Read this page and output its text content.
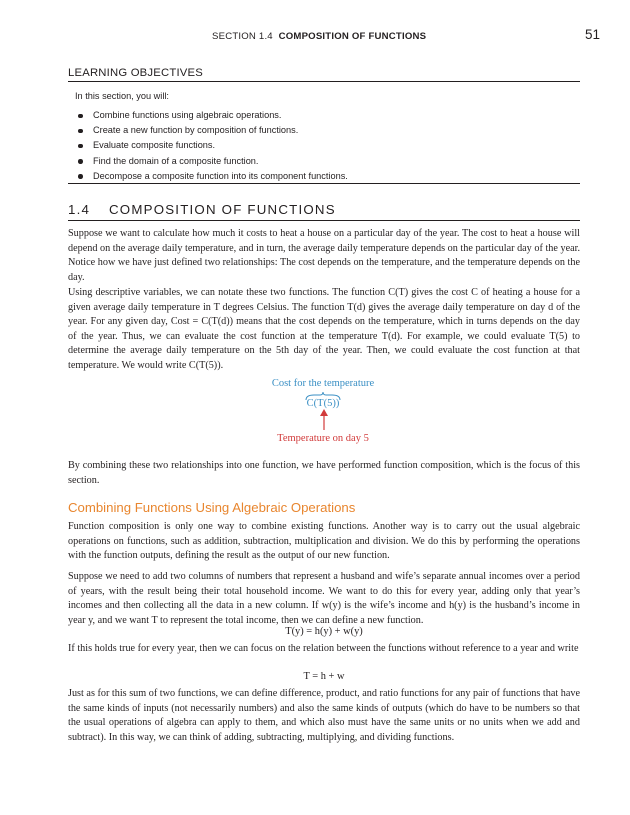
SECTION 1.4 COMPOSITION OF FUNCTIONS	51
LEARNING OBJECTIVES
In this section, you will:
Combine functions using algebraic operations.
Create a new function by composition of functions.
Evaluate composite functions.
Find the domain of a composite function.
Decompose a composite function into its component functions.
1.4 COMPOSITION OF FUNCTIONS

Suppose we want to calculate how much it costs to heat a house on a particular day of the year. The cost to heat a house will depend on the average daily temperature, and in turn, the average daily temperature depends on the particular day of the year. Notice how we have just defined two relationships: The cost depends on the temperature, and the temperature depends on the day.

Using descriptive variables, we can notate these two functions. The function C(T) gives the cost C of heating a house for a given average daily temperature in T degrees Celsius. The function T(d) gives the average daily temperature on day d of the year. For any given day, Cost = C(T(d)) means that the cost depends on the temperature, which in turns depends on the day of the year. Thus, we can evaluate the cost function at the temperature T(d). For example, we could evaluate T(5) to determine the average daily temperature on the 5th day of the year. Then, we could evaluate the cost function at that temperature. We would write C(T(5)).

Cost for the temperature
C(T(5))
Temperature on day 5

By combining these two relationships into one function, we have performed function composition, which is the focus of this section.

Combining Functions Using Algebraic Operations

Function composition is only one way to combine existing functions. Another way is to carry out the usual algebraic operations on functions, such as addition, subtraction, multiplication and division. We do this by performing the operations with the function outputs, defining the result as the output of our new function.

Suppose we need to add two columns of numbers that represent a husband and wife’s separate annual incomes over a period of years, with the result being their total household income. We want to do this for every year, adding only that year’s incomes and then collecting all the data in a new column. If w(y) is the wife’s income and h(y) is the husband’s income in year y, and we want T to represent the total income, then we can define a new function.

T(y) = h(y) + w(y)

If this holds true for every year, then we can focus on the relation between the functions without reference to a year and write

T = h + w

Just as for this sum of two functions, we can define difference, product, and ratio functions for any pair of functions that have the same kinds of inputs (not necessarily numbers) and also the same kinds of outputs (which do have to be numbers so that the usual operations of algebra can apply to them, and which also must have the same units or no units when we add and subtract). In this way, we can think of adding, subtracting, multiplying, and dividing functions.
